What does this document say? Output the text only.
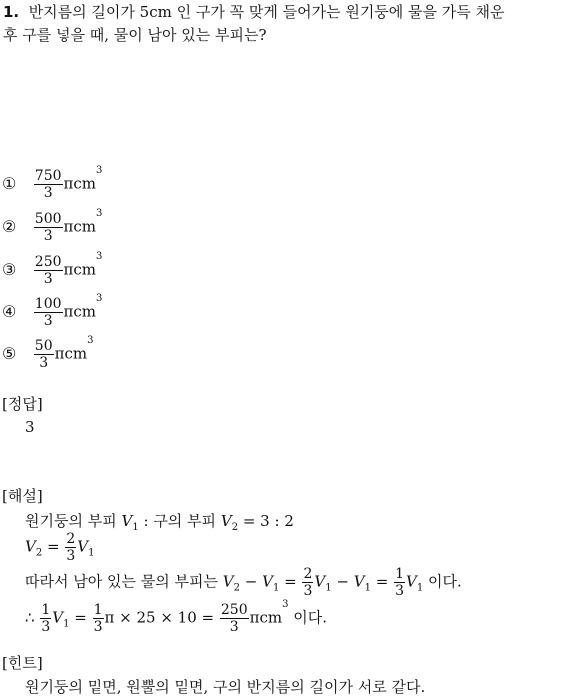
1. 반지름의 길이가 5cm 인 구가 꼭 맞게 들어가는 원기둥에 물을 가득 채운
후 구를 넣을 때, 물이 남아 있는 부피는?
① $\frac{750}{3} \pi cm^3$
② $\frac{500}{3} \pi cm^3$
③ $\frac{250}{3} \pi cm^3$
④ $\frac{100}{3} \pi cm^3$
⑤ $\frac{50}{3} \pi cm^3$
[정답]
3
[해설]
원기둥의 부피 $V_1$ : 구의 부피 $V_2 = 3$ : 2
$V_2 = \frac{2}{3} V_1$
따라서 남아 있는 물의 부피는 $V_2 - V_1 = \frac{2}{3} V_1 - V_1 = \frac{1}{3} V_1$ 이다.
∴ $\frac{1}{3} V_1 = \frac{1}{3}$ $\pi \times 25 \times 10 = \frac{250}{3} \pi cm^3$ 이다.
[힌트]
원기둥의 밑면, 원뿔의 밑면, 구의 반지름의 길이가 서로 같다.
